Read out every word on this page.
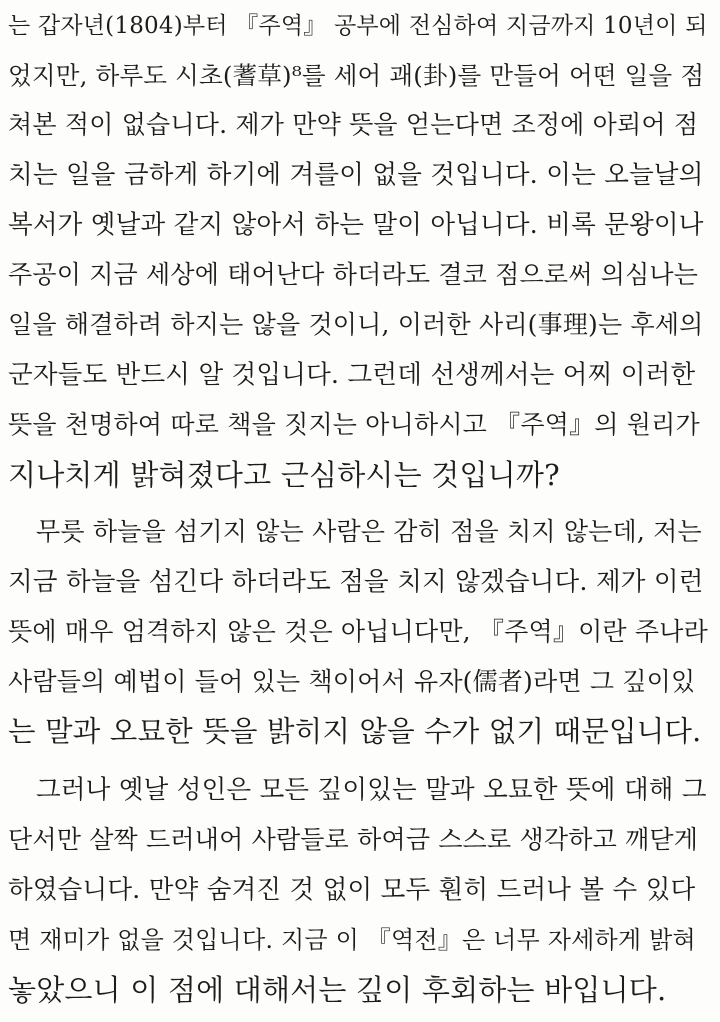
는 갑자년(1804)부터 『주역』 공부에 전심하여 지금까지 10년이 되
었지만, 하루도 시초(蓍草)⁸를 세어 괘(卦)를 만들어 어떤 일을 점
쳐본 적이 없습니다. 제가 만약 뜻을 얻는다면 조정에 아뢰어 점
치는 일을 금하게 하기에 겨를이 없을 것입니다. 이는 오늘날의
복서가 옛날과 같지 않아서 하는 말이 아닙니다. 비록 문왕이나
주공이 지금 세상에 태어난다 하더라도 결코 점으로써 의심나는
일을 해결하려 하지는 않을 것이니, 이러한 사리(事理)는 후세의
군자들도 반드시 알 것입니다. 그런데 선생께서는 어찌 이러한
뜻을 천명하여 따로 책을 짓지는 아니하시고 『주역』의 원리가
지나치게 밝혀졌다고 근심하시는 것입니까?
무릇 하늘을 섬기지 않는 사람은 감히 점을 치지 않는데, 저는
지금 하늘을 섬긴다 하더라도 점을 치지 않겠습니다. 제가 이런
뜻에 매우 엄격하지 않은 것은 아닙니다만, 『주역』이란 주나라
사람들의 예법이 들어 있는 책이어서 유자(儒者)라면 그 깊이있
는 말과 오묘한 뜻을 밝히지 않을 수가 없기 때문입니다.
그러나 옛날 성인은 모든 깊이있는 말과 오묘한 뜻에 대해 그
단서만 살짝 드러내어 사람들로 하여금 스스로 생각하고 깨닫게
하였습니다. 만약 숨겨진 것 없이 모두 훤히 드러나 볼 수 있다
면 재미가 없을 것입니다. 지금 이 『역전』은 너무 자세하게 밝혀
놓았으니 이 점에 대해서는 깊이 후회하는 바입니다.
